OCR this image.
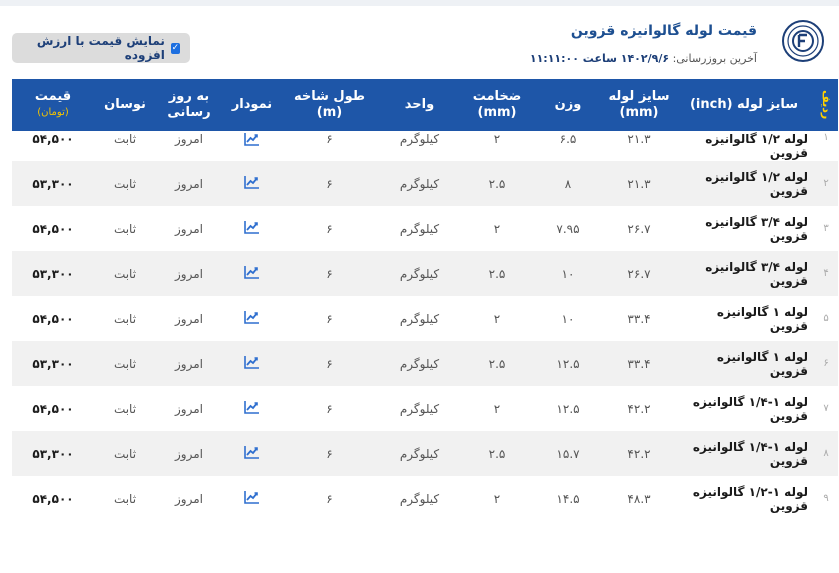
قیمت لوله گالوانیزه قزوین
آخرین بروزرسانی: ۱۴۰۲/۹/۶ ساعت ۱۱:۱۱:۰۰
✓
نمایش قیمت با ارزش افزوده
ردیف	سایز لوله (inch)	سایز لوله (mm)	وزن	ضخامت (mm)	واحد	طول شاخه (m)	نمودار	به روز رسانی	نوسان	قیمت
(تومان)

۱	لوله ۱/۲ گالوانیزه قزوین	۲۱.۳	۶.۵	۲	کیلوگرم	۶		امروز	ثابت	۵۴,۵۰۰
۲	لوله ۱/۲ گالوانیزه قزوین	۲۱.۳	۸	۲.۵	کیلوگرم	۶		امروز	ثابت	۵۳,۳۰۰
۳	لوله ۳/۴ گالوانیزه قزوین	۲۶.۷	۷.۹۵	۲	کیلوگرم	۶		امروز	ثابت	۵۴,۵۰۰
۴	لوله ۳/۴ گالوانیزه قزوین	۲۶.۷	۱۰	۲.۵	کیلوگرم	۶		امروز	ثابت	۵۳,۳۰۰
۵	لوله ۱ گالوانیزه قزوین	۳۳.۴	۱۰	۲	کیلوگرم	۶		امروز	ثابت	۵۴,۵۰۰
۶	لوله ۱ گالوانیزه قزوین	۳۳.۴	۱۲.۵	۲.۵	کیلوگرم	۶		امروز	ثابت	۵۳,۳۰۰
۷	لوله ۱-۱/۴ گالوانیزه قزوین	۴۲.۲	۱۲.۵	۲	کیلوگرم	۶		امروز	ثابت	۵۴,۵۰۰
۸	لوله ۱-۱/۴ گالوانیزه قزوین	۴۲.۲	۱۵.۷	۲.۵	کیلوگرم	۶		امروز	ثابت	۵۳,۳۰۰
۹	لوله ۱-۱/۲ گالوانیزه قزوین	۴۸.۳	۱۴.۵	۲	کیلوگرم	۶		امروز	ثابت	۵۴,۵۰۰
